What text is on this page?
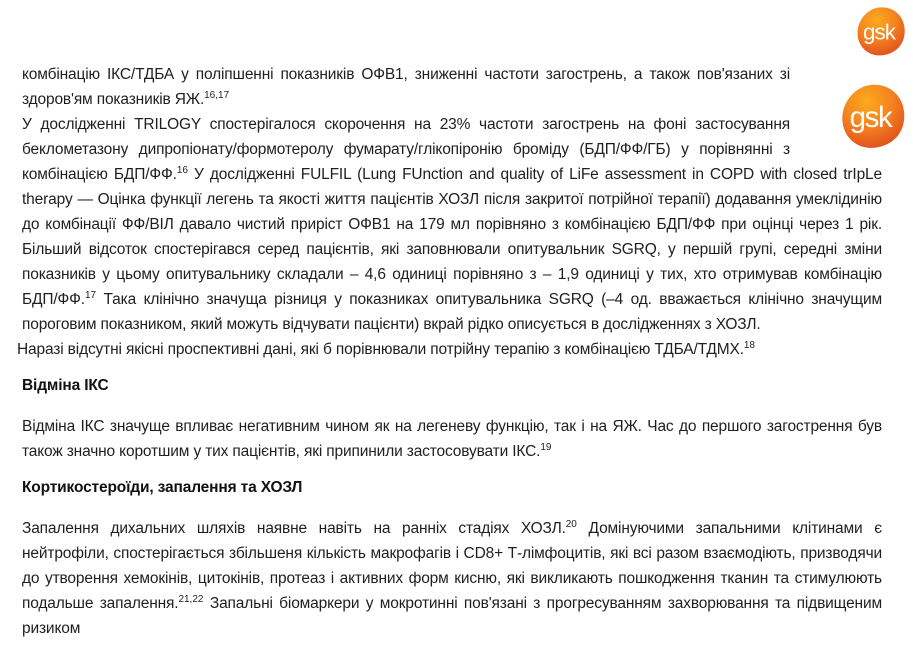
gsk
gsk

комбінацію ІКС/ТДБА у поліпшенні показників ОФВ1, зниженні частоти загострень, а також пов'язаних зі здоров'ям показників ЯЖ.$^{16,17}$

У дослідженні TRILOGY спостерігалося скорочення на 23% частоти загострень на фоні застосування беклометазону дипропіонату/формотеролу фумарату/глікопіронію броміду (БДП/ФФ/ГБ) у порівнянні з комбінацією БДП/ФФ.$^{16}$ У дослідженні FULFIL (Lung FUnction and quality of LiFe assessment in COPD with closed trIpLe therapy — Оцінка функції легень та якості життя пацієнтів ХОЗЛ після закритої потрійної терапії) додавання умеклідинію до комбінації ФФ/ВІЛ давало чистий приріст ОФВ1 на 179 мл порівняно з комбінацією БДП/ФФ при оцінці через 1 рік. Більший відсоток спостерігався серед пацієнтів, які заповнювали опитувальник SGRQ, у першій групі, середні зміни показників у цьому опитувальнику складали – 4,6 одиниці порівняно з – 1,9 одиниці у тих, хто отримував комбінацію БДП/ФФ.$^{17}$ Така клінічно значуща різниця у показниках опитувальника SGRQ (–4 од. вважається клінічно значущим пороговим показником, який можуть відчувати пацієнти) вкрай рідко описується в дослідженнях з ХОЗЛ.

Наразі відсутні якісні проспективні дані, які б порівнювали потрійну терапію з комбінацією ТДБА/ТДМХ.$^{18}$

Відміна ІКС

Відміна ІКС значуще впливає негативним чином як на легеневу функцію, так і на ЯЖ. Час до першого загострення був також значно коротшим у тих пацієнтів, які припинили застосовувати ІКС.$^{19}$

Кортикостероїди, запалення та ХОЗЛ

Запалення дихальних шляхів наявне навіть на ранніх стадіях ХОЗЛ.$^{20}$ Домінуючими запальними клітинами є нейтрофіли, спостерігається збільшеня кількість макрофагів і CD8+ Т-лімфоцитів, які всі разом взаємодіють, призводячи до утворення хемокінів, цитокінів, протеаз і активних форм кисню, які викликають пошкодження тканин та стимулюють подальше запалення.$^{21,22}$ Запальні біомаркери у мокротинні пов'язані з прогресуванням захворювання та підвищеним ризиком
